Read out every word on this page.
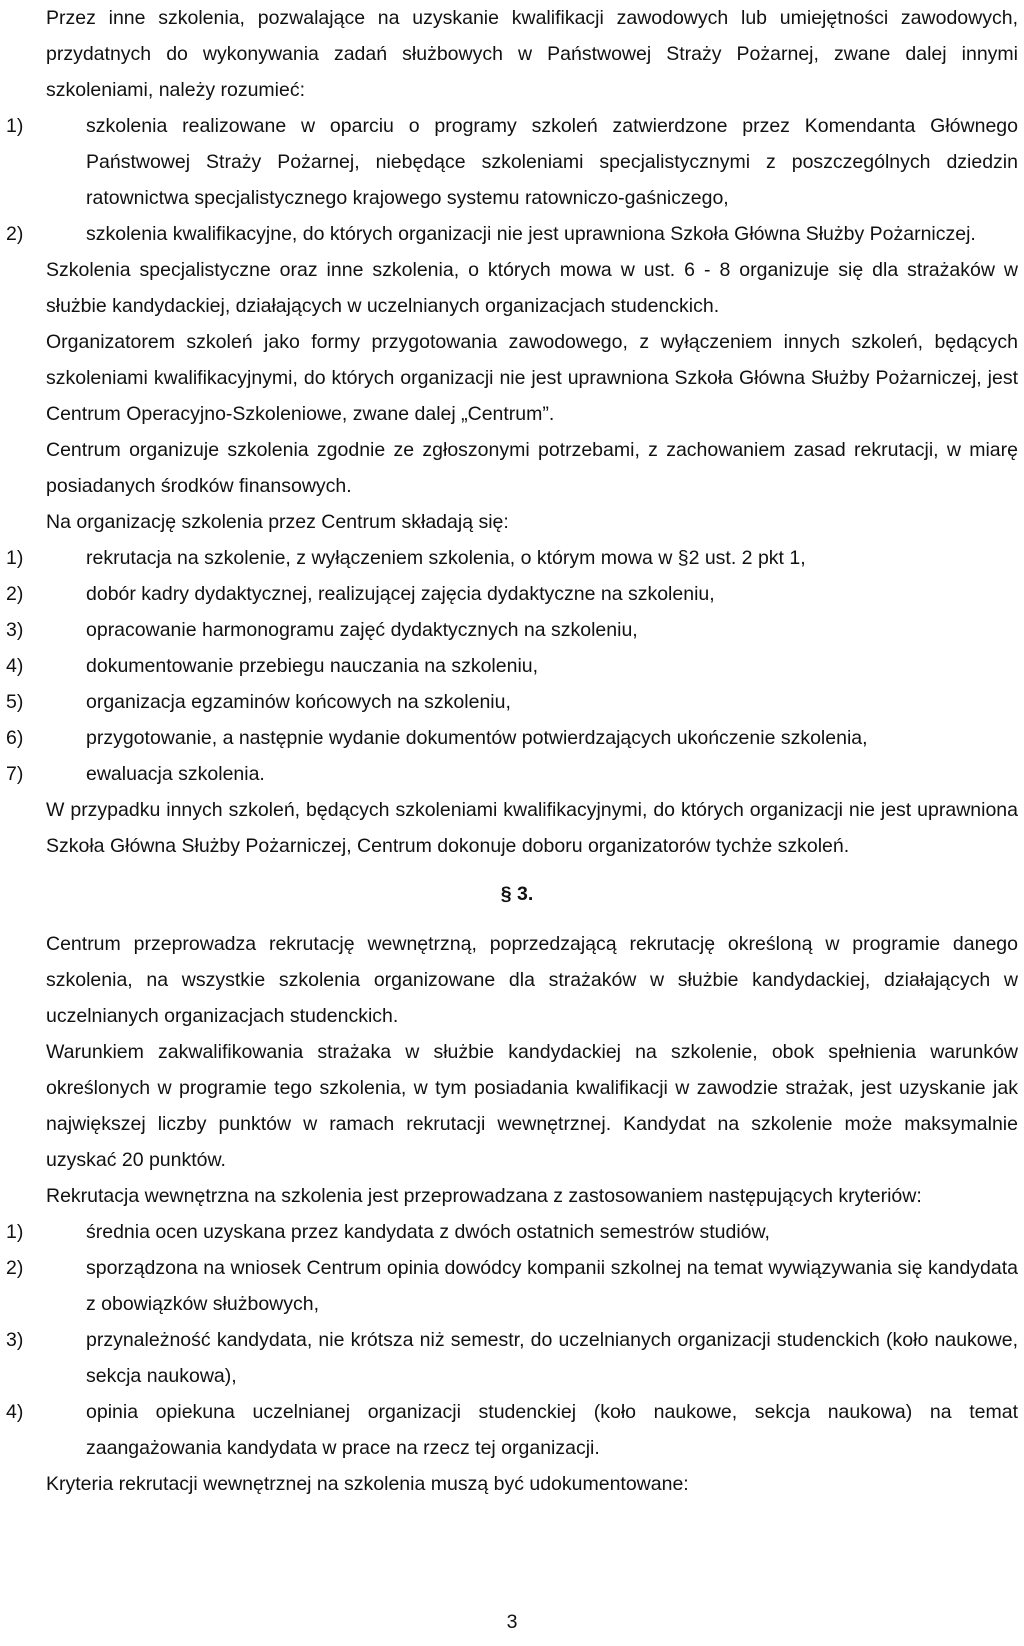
Przez inne szkolenia, pozwalające na uzyskanie kwalifikacji zawodowych lub umiejętności zawodowych, przydatnych do wykonywania zadań służbowych w Państwowej Straży Pożarnej, zwane dalej innymi szkoleniami, należy rozumieć:
1)	szkolenia realizowane w oparciu o programy szkoleń zatwierdzone przez Komendanta Głównego Państwowej Straży Pożarnej, niebędące szkoleniami specjalistycznymi z poszczególnych dziedzin ratownictwa specjalistycznego krajowego systemu ratowniczo-gaśniczego,
2)	szkolenia kwalifikacyjne, do których organizacji nie jest uprawniona Szkoła Główna Służby Pożarniczej.
Szkolenia specjalistyczne oraz inne szkolenia, o których mowa w ust. 6 - 8 organizuje się dla strażaków w służbie kandydackiej, działających w uczelnianych organizacjach studenckich.
Organizatorem szkoleń jako formy przygotowania zawodowego, z wyłączeniem innych szkoleń, będących szkoleniami kwalifikacyjnymi, do których organizacji nie jest uprawniona Szkoła Główna Służby Pożarniczej, jest Centrum Operacyjno-Szkoleniowe, zwane dalej „Centrum”.
Centrum organizuje szkolenia zgodnie ze zgłoszonymi potrzebami, z zachowaniem zasad rekrutacji, w miarę posiadanych środków finansowych.
Na organizację szkolenia przez Centrum składają się:
1)	rekrutacja na szkolenie, z wyłączeniem szkolenia, o którym mowa w §2 ust. 2 pkt 1,
2)	dobór kadry dydaktycznej, realizującej zajęcia dydaktyczne na szkoleniu,
3)	opracowanie harmonogramu zajęć dydaktycznych na szkoleniu,
4)	dokumentowanie przebiegu nauczania na szkoleniu,
5)	organizacja egzaminów końcowych na szkoleniu,
6)	przygotowanie, a następnie wydanie dokumentów potwierdzających ukończenie szkolenia,
7)	ewaluacja szkolenia.
W przypadku innych szkoleń, będących szkoleniami kwalifikacyjnymi, do których organizacji nie jest uprawniona Szkoła Główna Służby Pożarniczej, Centrum dokonuje doboru organizatorów tychże szkoleń.
§ 3.
Centrum przeprowadza rekrutację wewnętrzną, poprzedzającą rekrutację określoną w programie danego szkolenia, na wszystkie szkolenia organizowane dla strażaków w służbie kandydackiej, działających w uczelnianych organizacjach studenckich.
Warunkiem zakwalifikowania strażaka w służbie kandydackiej na szkolenie, obok spełnienia warunków określonych w programie tego szkolenia, w tym posiadania kwalifikacji w zawodzie strażak, jest uzyskanie jak największej liczby punktów w ramach rekrutacji wewnętrznej. Kandydat na szkolenie może maksymalnie uzyskać 20 punktów.
Rekrutacja wewnętrzna na szkolenia jest przeprowadzana z zastosowaniem następujących kryteriów:
1)	średnia ocen uzyskana przez kandydata z dwóch ostatnich semestrów studiów,
2)	sporządzona na wniosek Centrum opinia dowódcy kompanii szkolnej na temat wywiązywania się kandydata z obowiązków służbowych,
3)	przynależność kandydata, nie krótsza niż semestr, do uczelnianych organizacji studenckich (koło naukowe, sekcja naukowa),
4)	opinia opiekuna uczelnianej organizacji studenckiej (koło naukowe, sekcja naukowa) na temat zaangażowania kandydata w prace na rzecz tej organizacji.
Kryteria rekrutacji wewnętrznej na szkolenia muszą być udokumentowane:
3
